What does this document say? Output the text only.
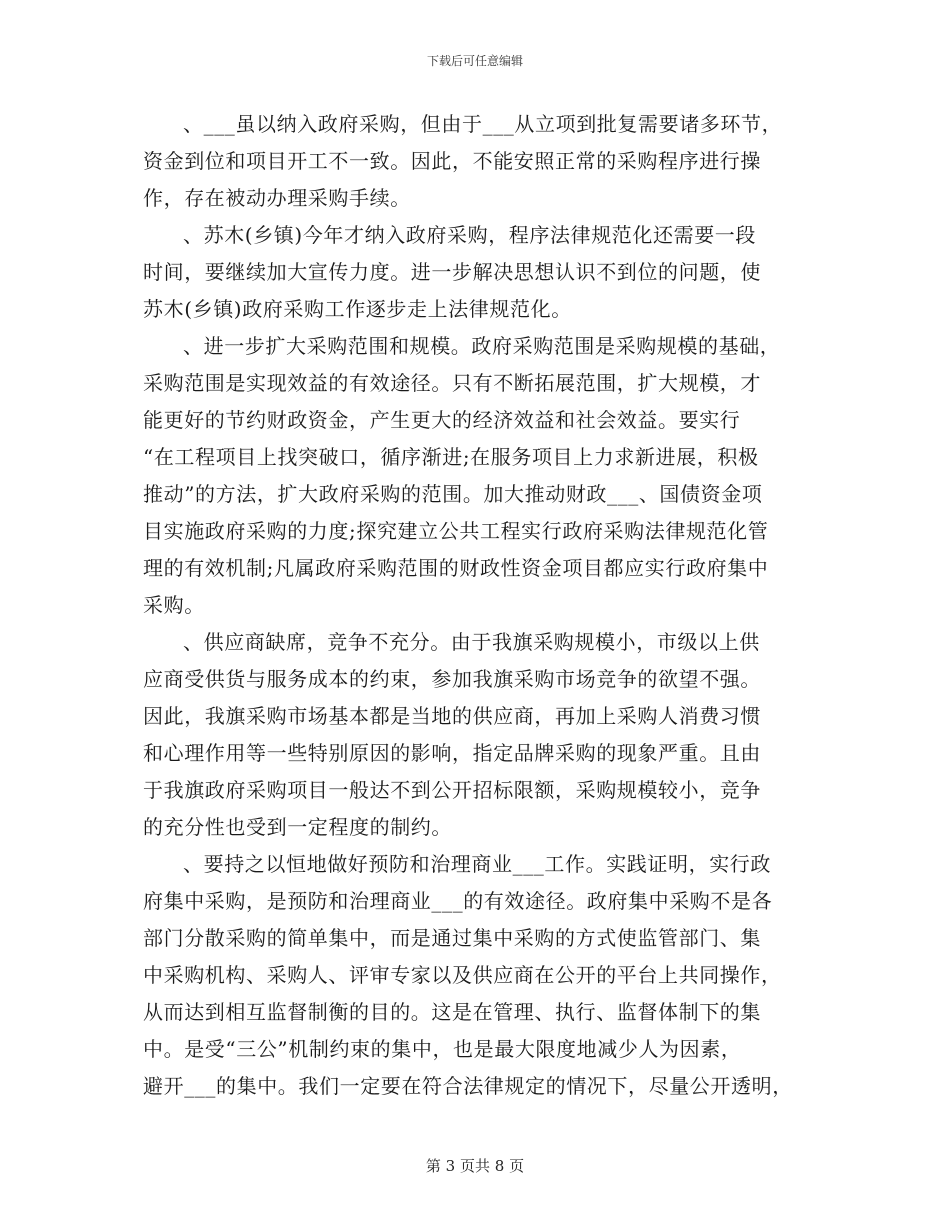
下载后可任意编辑
、___虽以纳入政府采购，但由于___从立项到批复需要诸多环节，
资金到位和项目开工不一致。因此，不能安照正常的采购程序进行操
作，存在被动办理采购手续。
、苏木(乡镇)今年才纳入政府采购，程序法律规范化还需要一段
时间，要继续加大宣传力度。进一步解决思想认识不到位的问题，使
苏木(乡镇)政府采购工作逐步走上法律规范化。
、进一步扩大采购范围和规模。政府采购范围是采购规模的基础，
采购范围是实现效益的有效途径。只有不断拓展范围，扩大规模，才
能更好的节约财政资金，产生更大的经济效益和社会效益。要实行
“在工程项目上找突破口，循序渐进;在服务项目上力求新进展，积极
推动”的方法，扩大政府采购的范围。加大推动财政___、国债资金项
目实施政府采购的力度;探究建立公共工程实行政府采购法律规范化管
理的有效机制;凡属政府采购范围的财政性资金项目都应实行政府集中
采购。
、供应商缺席，竞争不充分。由于我旗采购规模小，市级以上供
应商受供货与服务成本的约束，参加我旗采购市场竞争的欲望不强。
因此，我旗采购市场基本都是当地的供应商，再加上采购人消费习惯
和心理作用等一些特别原因的影响，指定品牌采购的现象严重。且由
于我旗政府采购项目一般达不到公开招标限额，采购规模较小，竞争
的充分性也受到一定程度的制约。
、要持之以恒地做好预防和治理商业___工作。实践证明，实行政
府集中采购，是预防和治理商业___的有效途径。政府集中采购不是各
部门分散采购的简单集中，而是通过集中采购的方式使监管部门、集
中采购机构、采购人、评审专家以及供应商在公开的平台上共同操作，
从而达到相互监督制衡的目的。这是在管理、执行、监督体制下的集
中。是受“三公”机制约束的集中，也是最大限度地减少人为因素，
避开___的集中。我们一定要在符合法律规定的情况下，尽量公开透明，
第 3 页共 8 页
